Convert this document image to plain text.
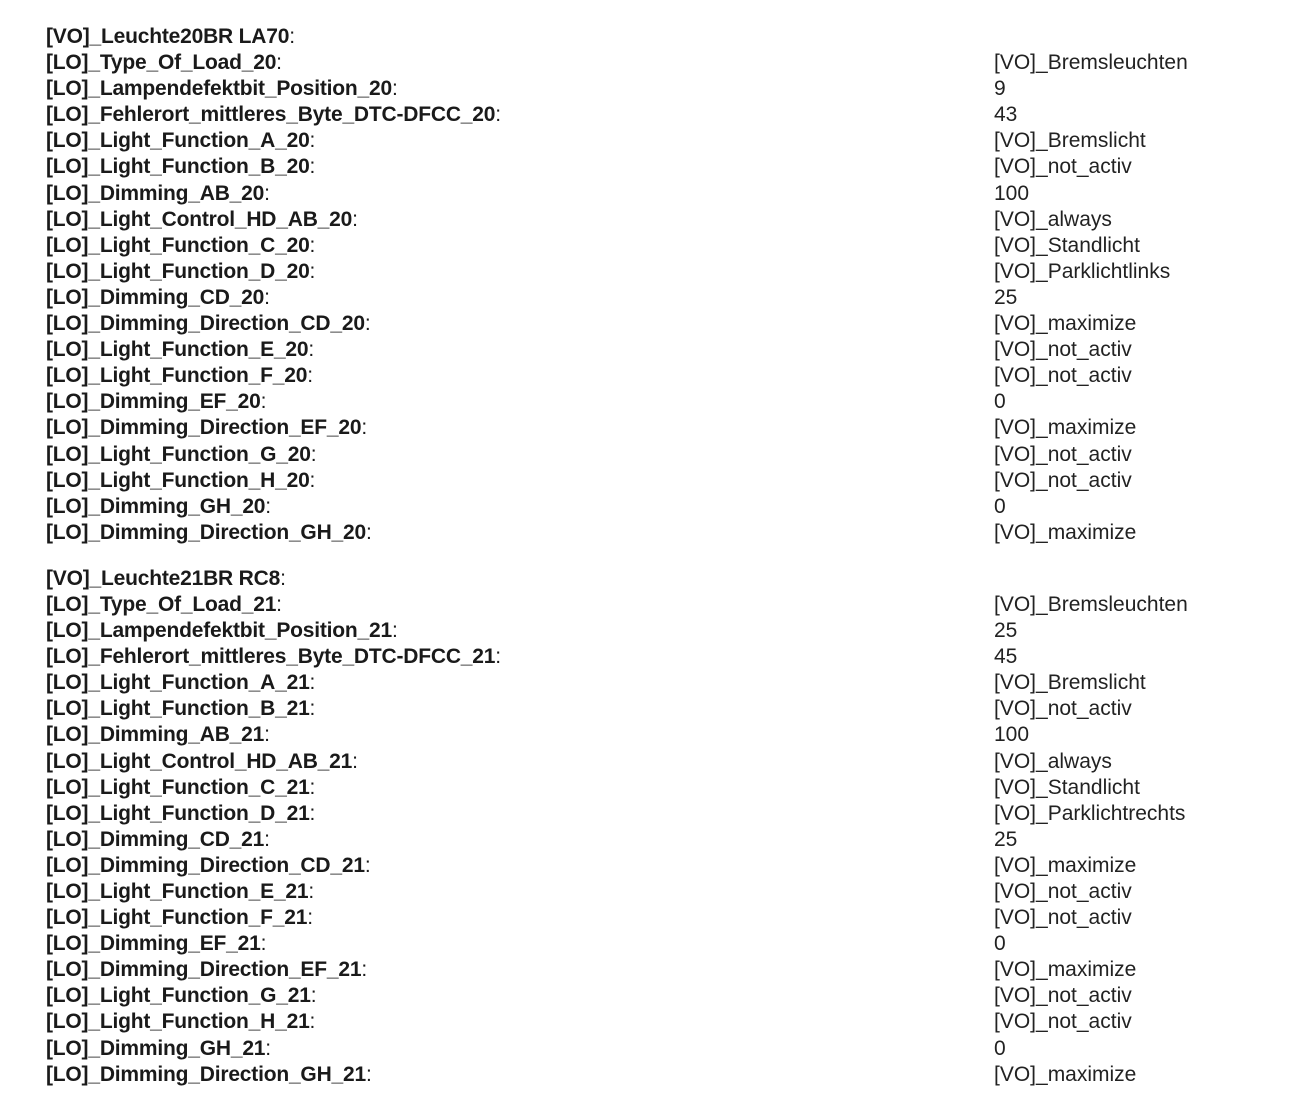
[VO]_Leuchte20BR LA70:
[LO]_Type_Of_Load_20:	[VO]_Bremsleuchten
[LO]_Lampendefektbit_Position_20:	9
[LO]_Fehlerort_mittleres_Byte_DTC-DFCC_20:	43
[LO]_Light_Function_A_20:	[VO]_Bremslicht
[LO]_Light_Function_B_20:	[VO]_not_activ
[LO]_Dimming_AB_20:	100
[LO]_Light_Control_HD_AB_20:	[VO]_always
[LO]_Light_Function_C_20:	[VO]_Standlicht
[LO]_Light_Function_D_20:	[VO]_Parklichtlinks
[LO]_Dimming_CD_20:	25
[LO]_Dimming_Direction_CD_20:	[VO]_maximize
[LO]_Light_Function_E_20:	[VO]_not_activ
[LO]_Light_Function_F_20:	[VO]_not_activ
[LO]_Dimming_EF_20:	0
[LO]_Dimming_Direction_EF_20:	[VO]_maximize
[LO]_Light_Function_G_20:	[VO]_not_activ
[LO]_Light_Function_H_20:	[VO]_not_activ
[LO]_Dimming_GH_20:	0
[LO]_Dimming_Direction_GH_20:	[VO]_maximize
[VO]_Leuchte21BR RC8:
[LO]_Type_Of_Load_21:	[VO]_Bremsleuchten
[LO]_Lampendefektbit_Position_21:	25
[LO]_Fehlerort_mittleres_Byte_DTC-DFCC_21:	45
[LO]_Light_Function_A_21:	[VO]_Bremslicht
[LO]_Light_Function_B_21:	[VO]_not_activ
[LO]_Dimming_AB_21:	100
[LO]_Light_Control_HD_AB_21:	[VO]_always
[LO]_Light_Function_C_21:	[VO]_Standlicht
[LO]_Light_Function_D_21:	[VO]_Parklichtrechts
[LO]_Dimming_CD_21:	25
[LO]_Dimming_Direction_CD_21:	[VO]_maximize
[LO]_Light_Function_E_21:	[VO]_not_activ
[LO]_Light_Function_F_21:	[VO]_not_activ
[LO]_Dimming_EF_21:	0
[LO]_Dimming_Direction_EF_21:	[VO]_maximize
[LO]_Light_Function_G_21:	[VO]_not_activ
[LO]_Light_Function_H_21:	[VO]_not_activ
[LO]_Dimming_GH_21:	0
[LO]_Dimming_Direction_GH_21:	[VO]_maximize
